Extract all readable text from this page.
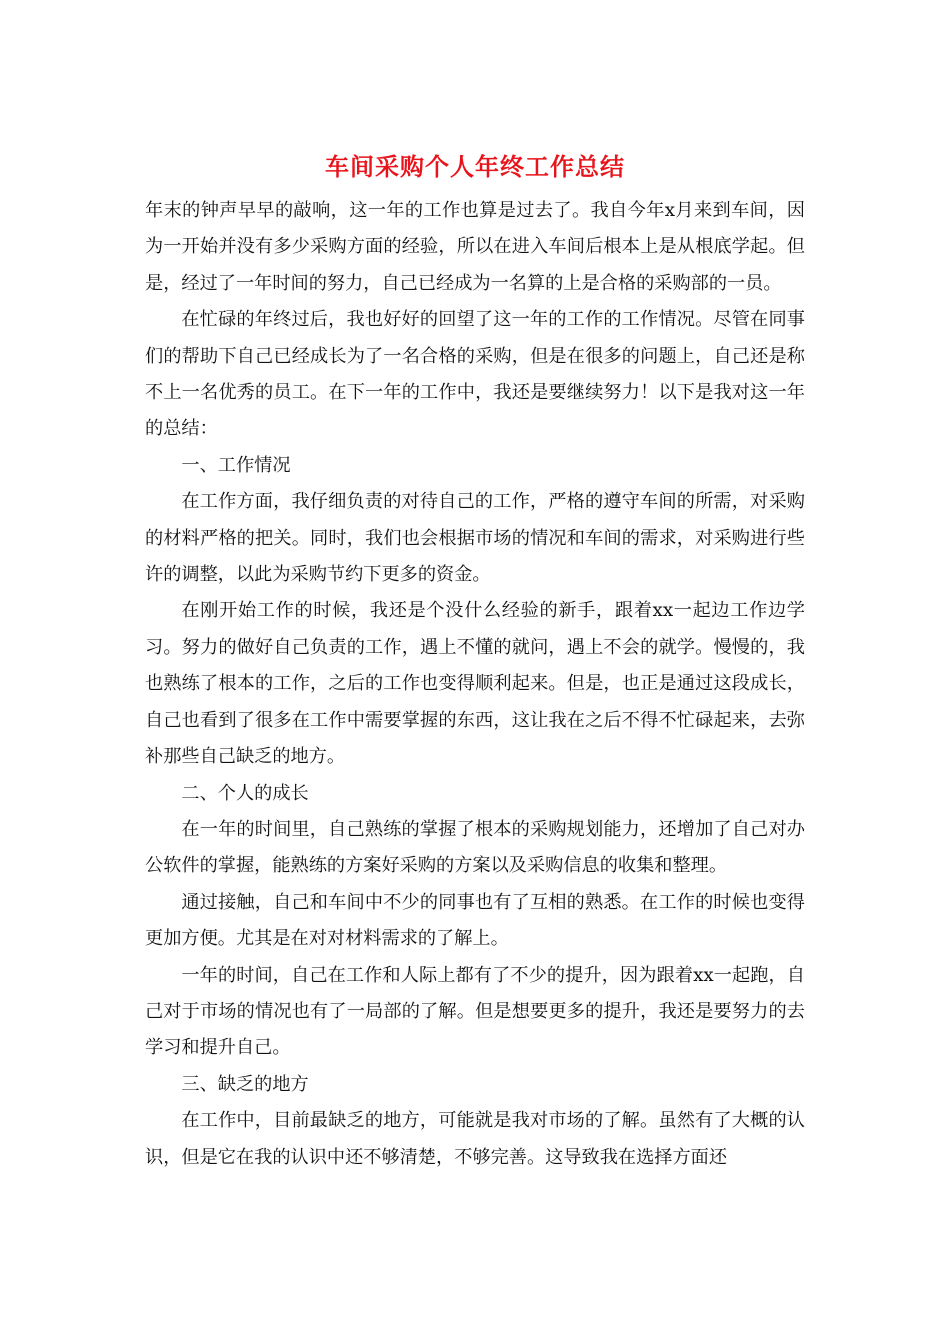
车间采购个人年终工作总结

年末的钟声早早的敲响，这一年的工作也算是过去了。我自今年x月来到车间，因为一开始并没有多少采购方面的经验，所以在进入车间后根本上是从根底学起。但是，经过了一年时间的努力，自己已经成为一名算的上是合格的采购部的一员。

在忙碌的年终过后，我也好好的回望了这一年的工作的工作情况。尽管在同事们的帮助下自己已经成长为了一名合格的采购，但是在很多的问题上，自己还是称不上一名优秀的员工。在下一年的工作中，我还是要继续努力！以下是我对这一年的总结：

一、工作情况

在工作方面，我仔细负责的对待自己的工作，严格的遵守车间的所需，对采购的材料严格的把关。同时，我们也会根据市场的情况和车间的需求，对采购进行些许的调整，以此为采购节约下更多的资金。

在刚开始工作的时候，我还是个没什么经验的新手，跟着xx一起边工作边学习。努力的做好自己负责的工作，遇上不懂的就问，遇上不会的就学。慢慢的，我也熟练了根本的工作，之后的工作也变得顺利起来。但是，也正是通过这段成长，自己也看到了很多在工作中需要掌握的东西，这让我在之后不得不忙碌起来，去弥补那些自己缺乏的地方。

二、个人的成长

在一年的时间里，自己熟练的掌握了根本的采购规划能力，还增加了自己对办公软件的掌握，能熟练的方案好采购的方案以及采购信息的收集和整理。

通过接触，自己和车间中不少的同事也有了互相的熟悉。在工作的时候也变得更加方便。尤其是在对对材料需求的了解上。

一年的时间，自己在工作和人际上都有了不少的提升，因为跟着xx一起跑，自己对于市场的情况也有了一局部的了解。但是想要更多的提升，我还是要努力的去学习和提升自己。

三、缺乏的地方

在工作中，目前最缺乏的地方，可能就是我对市场的了解。虽然有了大概的认识，但是它在我的认识中还不够清楚，不够完善。这导致我在选择方面还
